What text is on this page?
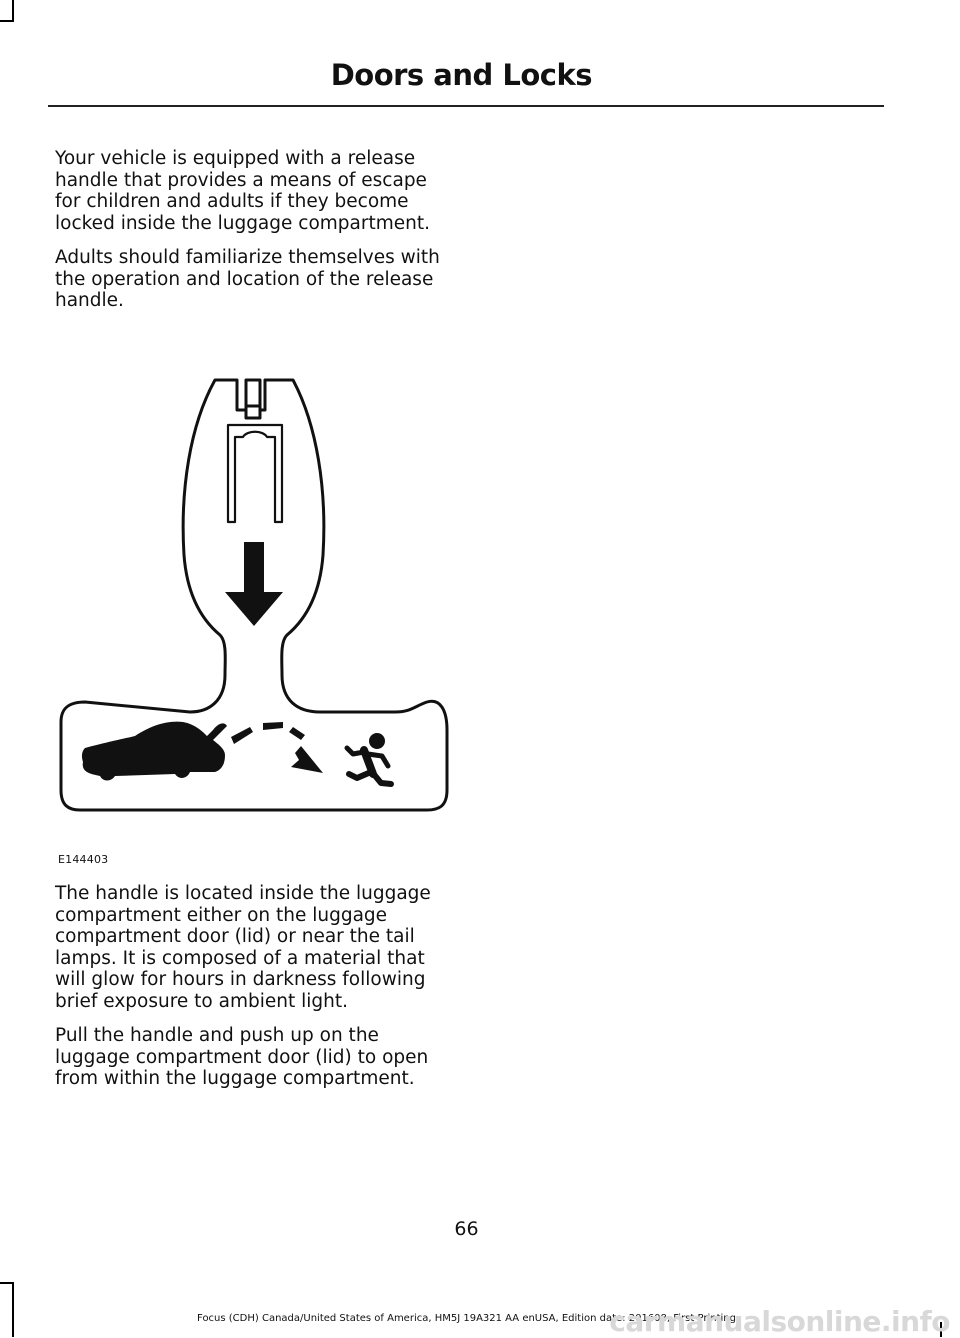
Doors and Locks

Your vehicle is equipped with a release handle that provides a means of escape for children and adults if they become locked inside the luggage compartment.

Adults should familiarize themselves with the operation and location of the release handle.

E144403

The handle is located inside the luggage compartment either on the luggage compartment door (lid) or near the tail lamps. It is composed of a material that will glow for hours in darkness following brief exposure to ambient light.

Pull the handle and push up on the luggage compartment door (lid) to open from within the luggage compartment.

66
Focus (CDH) Canada/United States of America, HM5J 19A321 AA enUSA, Edition date: 201608, First Printing
carmanualsonline.info
